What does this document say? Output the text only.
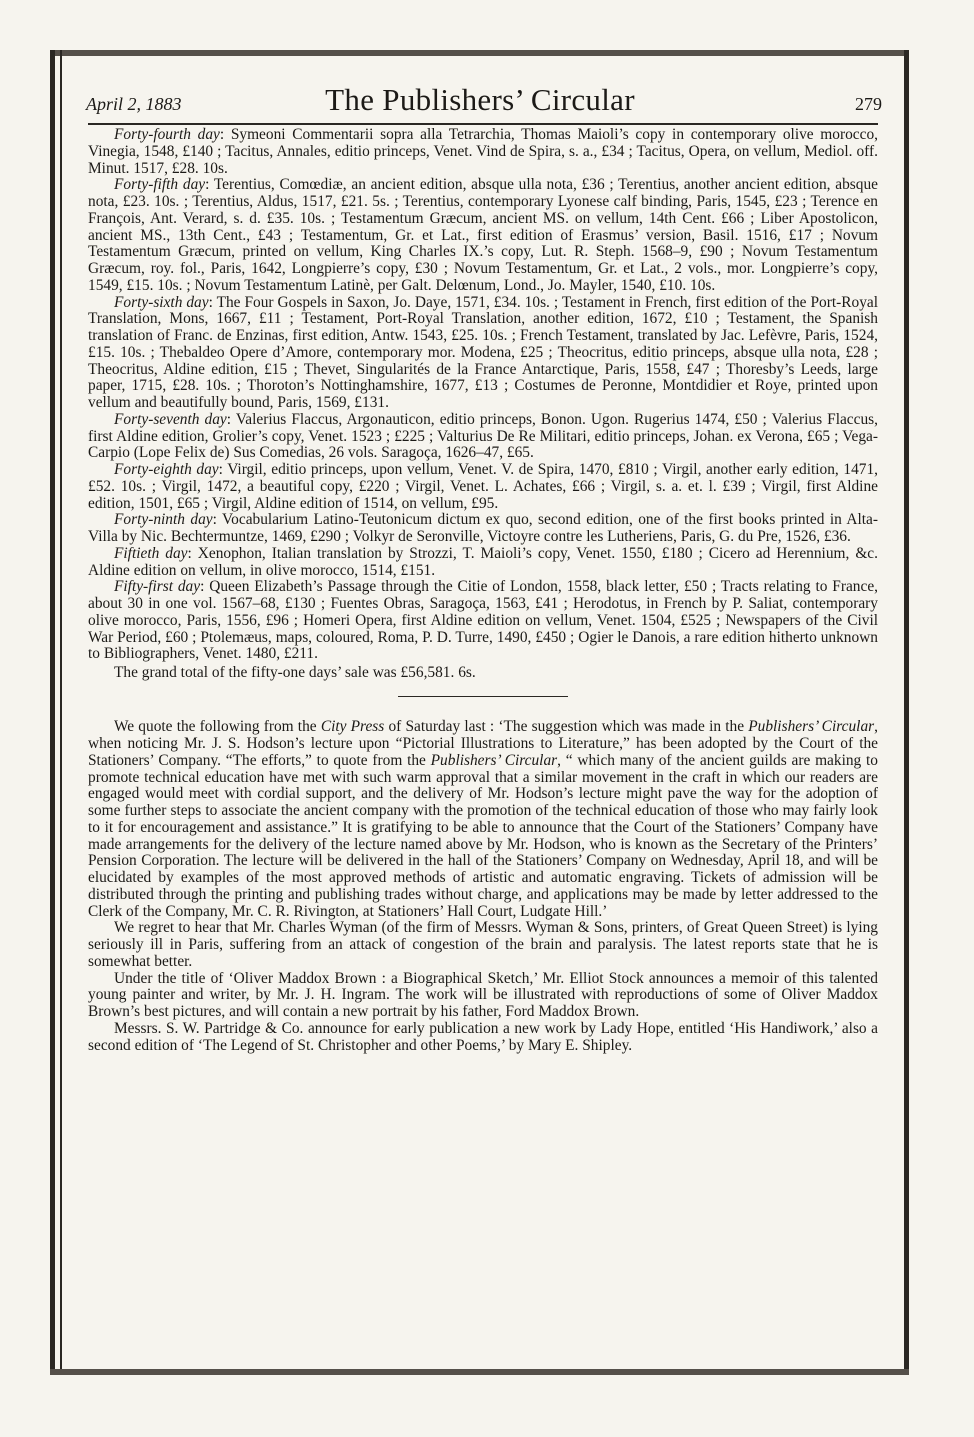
April 2, 1883	The Publishers’ Circular	279

Forty-fourth day: Symeoni Commentarii sopra alla Tetrarchia, Thomas Maioli’s copy in contemporary olive morocco, Vinegia, 1548, £140 ; Tacitus, Annales, editio princeps, Venet. Vind de Spira, s. a., £34 ; Tacitus, Opera, on vellum, Mediol. off. Minut. 1517, £28. 10s.

Forty-fifth day: Terentius, Comœdiæ, an ancient edition, absque ulla nota, £36 ; Terentius, another ancient edition, absque nota, £23. 10s. ; Terentius, Aldus, 1517, £21. 5s. ; Terentius, contemporary Lyonese calf binding, Paris, 1545, £23 ; Terence en François, Ant. Verard, s. d. £35. 10s. ; Testamentum Græcum, ancient MS. on vellum, 14th Cent. £66 ; Liber Apostolicon, ancient MS., 13th Cent., £43 ; Testamentum, Gr. et Lat., first edition of Erasmus’ version, Basil. 1516, £17 ; Novum Testamentum Græcum, printed on vellum, King Charles IX.’s copy, Lut. R. Steph. 1568–9, £90 ; Novum Testamentum Græcum, roy. fol., Paris, 1642, Longpierre’s copy, £30 ; Novum Testamentum, Gr. et Lat., 2 vols., mor. Longpierre’s copy, 1549, £15. 10s. ; Novum Testamentum Latinè, per Galt. Delœnum, Lond., Jo. Mayler, 1540, £10. 10s.

Forty-sixth day: The Four Gospels in Saxon, Jo. Daye, 1571, £34. 10s. ; Testament in French, first edition of the Port-Royal Translation, Mons, 1667, £11 ; Testament, Port-Royal Translation, another edition, 1672, £10 ; Testament, the Spanish translation of Franc. de Enzinas, first edition, Antw. 1543, £25. 10s. ; French Testament, translated by Jac. Lefèvre, Paris, 1524, £15. 10s. ; Thebaldeo Opere d’Amore, contemporary mor. Modena, £25 ; Theocritus, editio princeps, absque ulla nota, £28 ; Theocritus, Aldine edition, £15 ; Thevet, Singularités de la France Antarctique, Paris, 1558, £47 ; Thoresby’s Leeds, large paper, 1715, £28. 10s. ; Thoroton’s Nottinghamshire, 1677, £13 ; Costumes de Peronne, Montdidier et Roye, printed upon vellum and beautifully bound, Paris, 1569, £131.

Forty-seventh day: Valerius Flaccus, Argonauticon, editio princeps, Bonon. Ugon. Rugerius 1474, £50 ; Valerius Flaccus, first Aldine edition, Grolier’s copy, Venet. 1523 ; £225 ; Valturius De Re Militari, editio princeps, Johan. ex Verona, £65 ; Vega-Carpio (Lope Felix de) Sus Comedias, 26 vols. Saragoça, 1626–47, £65.

Forty-eighth day: Virgil, editio princeps, upon vellum, Venet. V. de Spira, 1470, £810 ; Virgil, another early edition, 1471, £52. 10s. ; Virgil, 1472, a beautiful copy, £220 ; Virgil, Venet. L. Achates, £66 ; Virgil, s. a. et. l. £39 ; Virgil, first Aldine edition, 1501, £65 ; Virgil, Aldine edition of 1514, on vellum, £95.

Forty-ninth day: Vocabularium Latino-Teutonicum dictum ex quo, second edition, one of the first books printed in Alta-Villa by Nic. Bechtermuntze, 1469, £290 ; Volkyr de Seronville, Victoyre contre les Lutheriens, Paris, G. du Pre, 1526, £36.

Fiftieth day: Xenophon, Italian translation by Strozzi, T. Maioli’s copy, Venet. 1550, £180 ; Cicero ad Herennium, &c. Aldine edition on vellum, in olive morocco, 1514, £151.

Fifty-first day: Queen Elizabeth’s Passage through the Citie of London, 1558, black letter, £50 ; Tracts relating to France, about 30 in one vol. 1567–68, £130 ; Fuentes Obras, Saragoça, 1563, £41 ; Herodotus, in French by P. Saliat, contemporary olive morocco, Paris, 1556, £96 ; Homeri Opera, first Aldine edition on vellum, Venet. 1504, £525 ; Newspapers of the Civil War Period, £60 ; Ptolemæus, maps, coloured, Roma, P. D. Turre, 1490, £450 ; Ogier le Danois, a rare edition hitherto unknown to Bibliographers, Venet. 1480, £211.

The grand total of the fifty-one days’ sale was £56,581. 6s.

We quote the following from the City Press of Saturday last : ‘The suggestion which was made in the Publishers’ Circular, when noticing Mr. J. S. Hodson’s lecture upon “Pictorial Illustrations to Literature,” has been adopted by the Court of the Stationers’ Company. “The efforts,” to quote from the Publishers’ Circular, “ which many of the ancient guilds are making to promote technical education have met with such warm approval that a similar movement in the craft in which our readers are engaged would meet with cordial support, and the delivery of Mr. Hodson’s lecture might pave the way for the adoption of some further steps to associate the ancient company with the promotion of the technical education of those who may fairly look to it for encouragement and assistance.” It is gratifying to be able to announce that the Court of the Stationers’ Company have made arrangements for the delivery of the lecture named above by Mr. Hodson, who is known as the Secretary of the Printers’ Pension Corporation. The lecture will be delivered in the hall of the Stationers’ Company on Wednesday, April 18, and will be elucidated by examples of the most approved methods of artistic and automatic engraving. Tickets of admission will be distributed through the printing and publishing trades without charge, and applications may be made by letter addressed to the Clerk of the Company, Mr. C. R. Rivington, at Stationers’ Hall Court, Ludgate Hill.’

We regret to hear that Mr. Charles Wyman (of the firm of Messrs. Wyman & Sons, printers, of Great Queen Street) is lying seriously ill in Paris, suffering from an attack of congestion of the brain and paralysis. The latest reports state that he is somewhat better.

Under the title of ‘Oliver Maddox Brown : a Biographical Sketch,’ Mr. Elliot Stock announces a memoir of this talented young painter and writer, by Mr. J. H. Ingram. The work will be illustrated with reproductions of some of Oliver Maddox Brown’s best pictures, and will contain a new portrait by his father, Ford Maddox Brown.

Messrs. S. W. Partridge & Co. announce for early publication a new work by Lady Hope, entitled ‘His Handiwork,’ also a second edition of ‘The Legend of St. Christopher and other Poems,’ by Mary E. Shipley.
